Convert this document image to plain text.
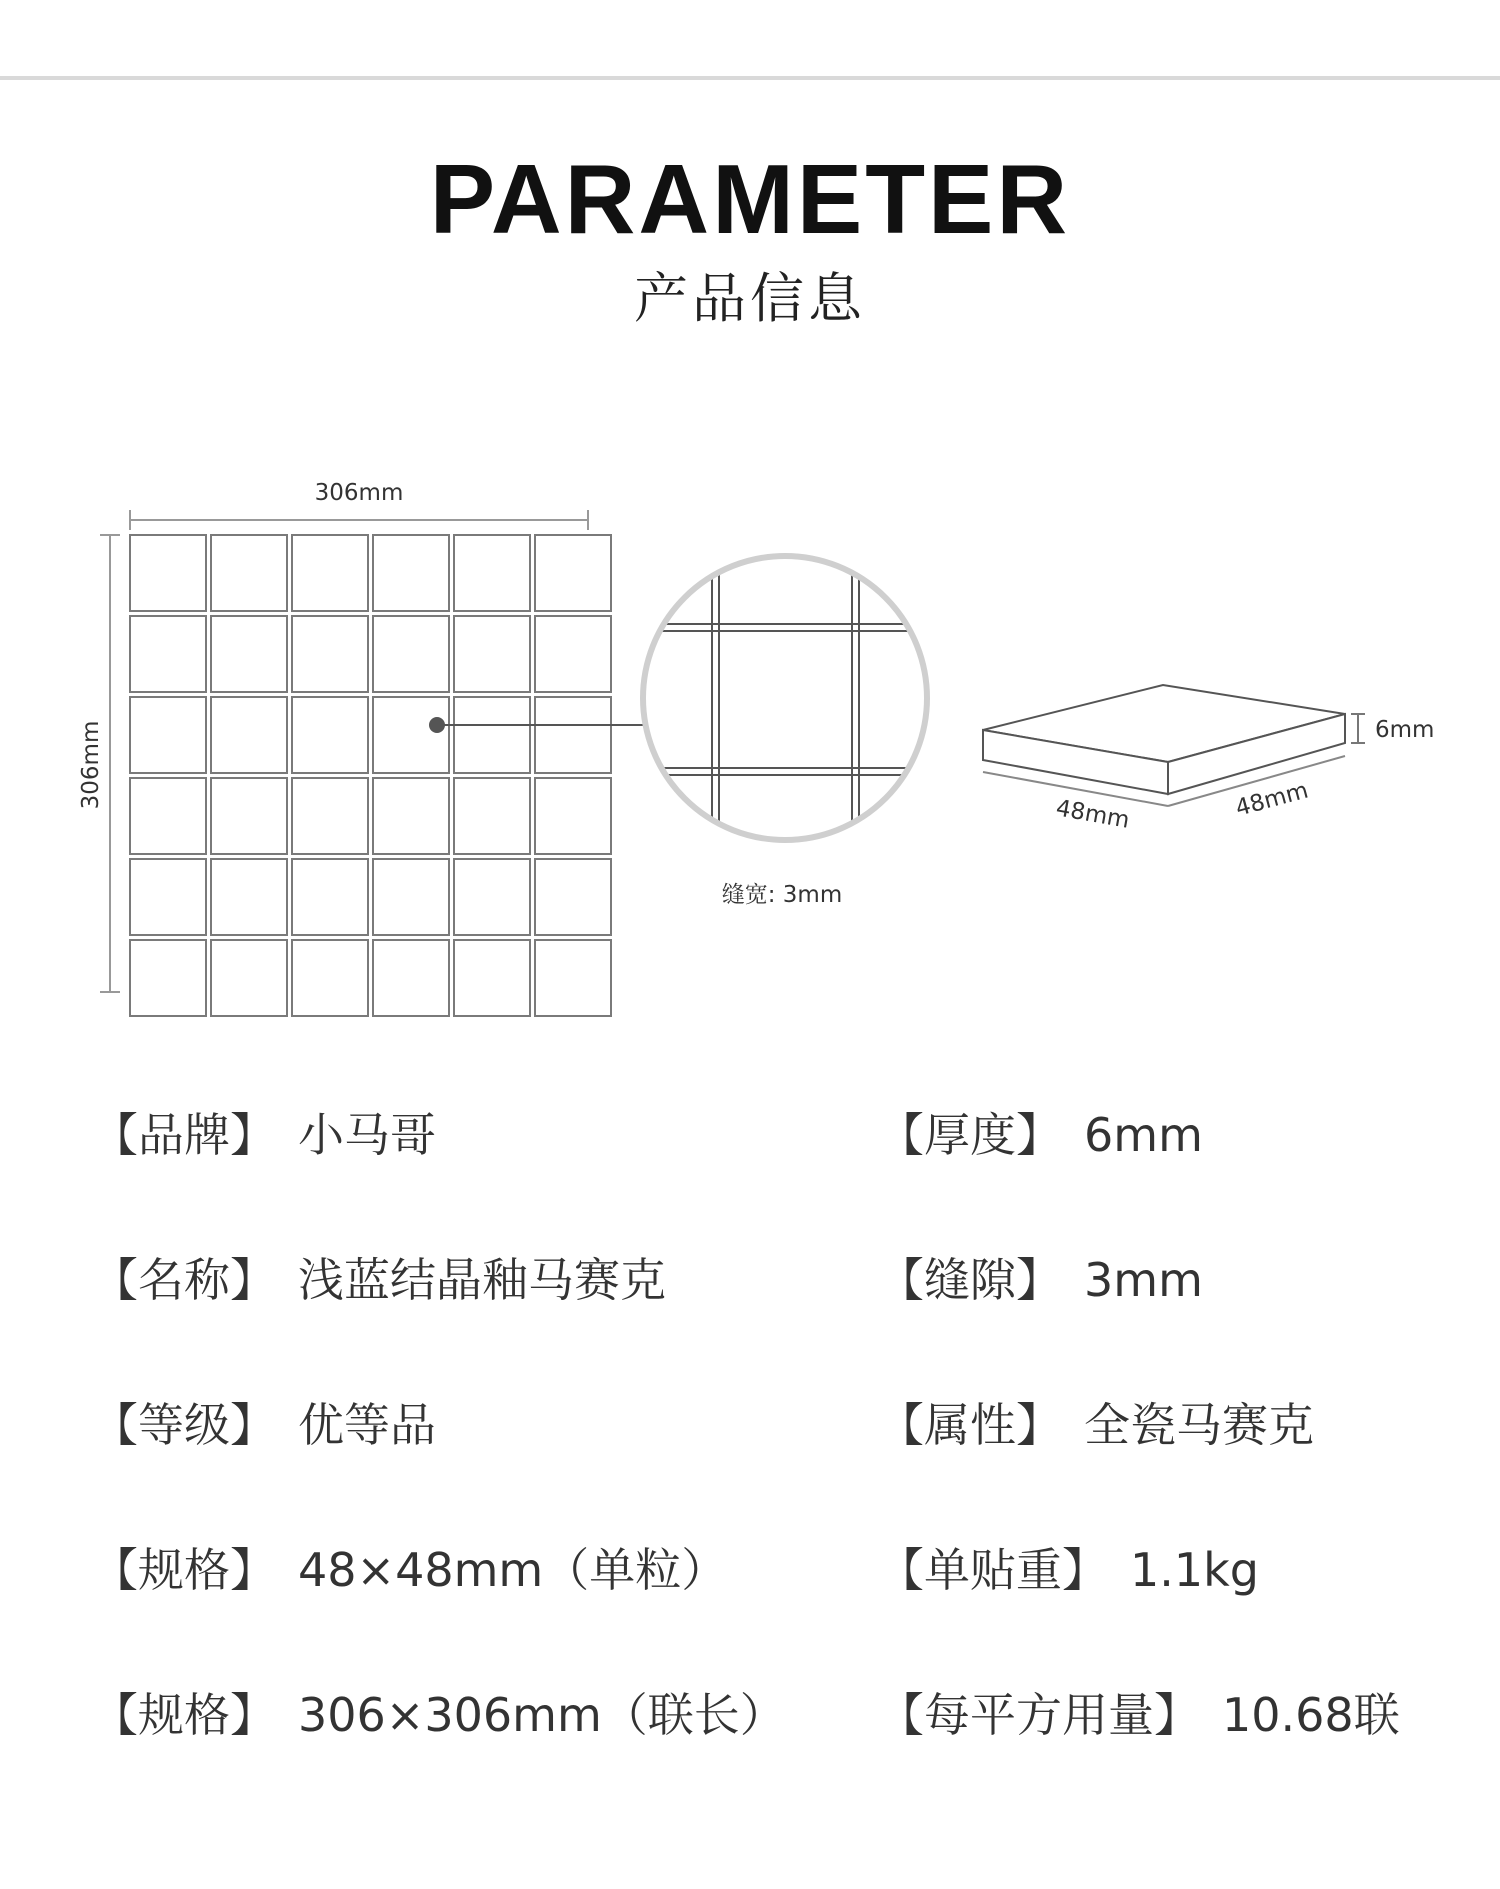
PARAMETER
产品信息
306mm
306mm
缝宽: 3mm
6mm
48mm	48mm
【品牌】 小马哥
【名称】 浅蓝结晶釉马赛克
【等级】 优等品
【规格】 48×48mm（单粒）
【规格】 306×306mm（联长）
【厚度】 6mm
【缝隙】 3mm
【属性】 全瓷马赛克
【单贴重】 1.1kg
【每平方用量】 10.68联
